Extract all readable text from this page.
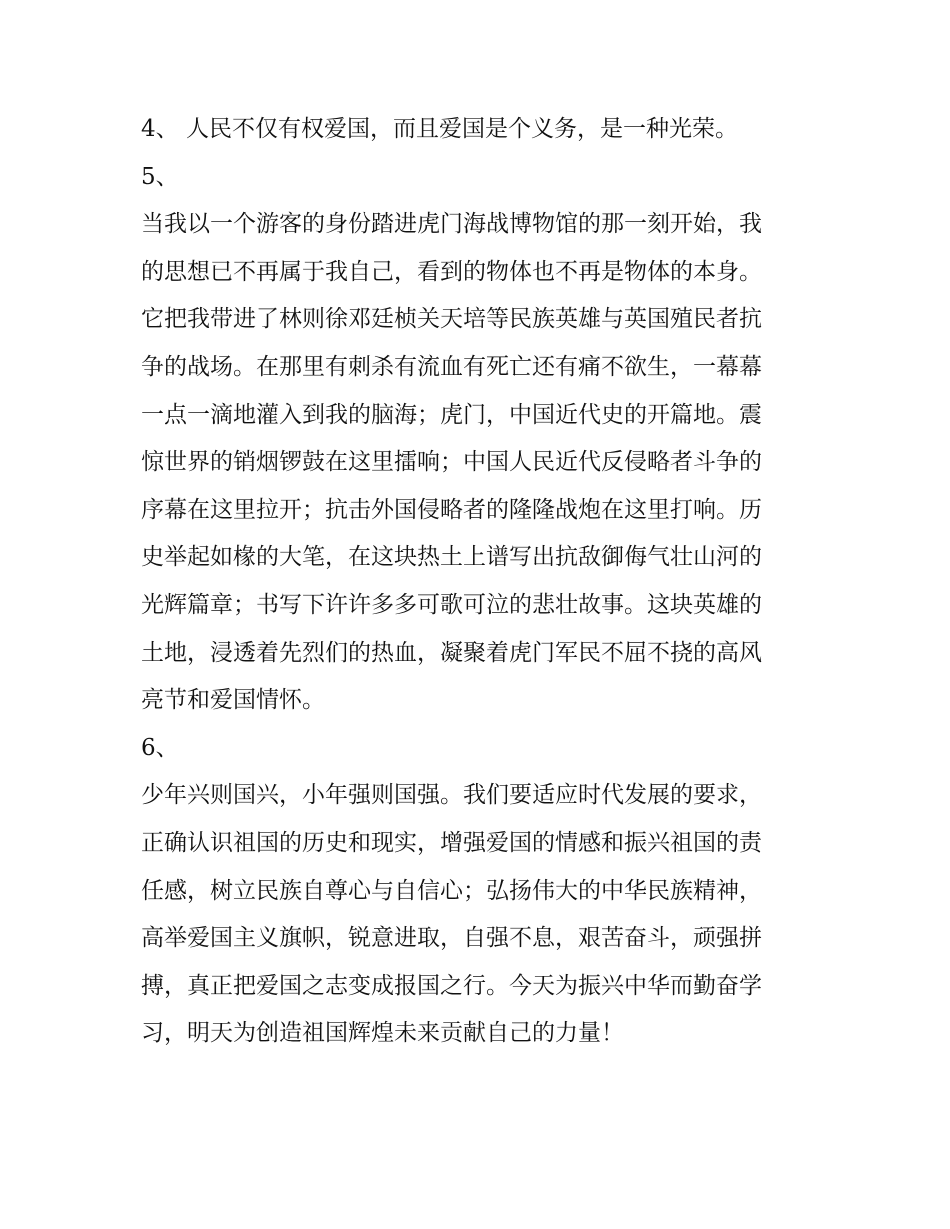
4、 人民不仅有权爱国，而且爱国是个义务，是一种光荣。
5、
当我以一个游客的身份踏进虎门海战博物馆的那一刻开始，我
的思想已不再属于我自己，看到的物体也不再是物体的本身。
它把我带进了林则徐邓廷桢关天培等民族英雄与英国殖民者抗
争的战场。在那里有刺杀有流血有死亡还有痛不欲生，一幕幕
一点一滴地灌入到我的脑海；虎门，中国近代史的开篇地。震
惊世界的销烟锣鼓在这里擂响；中国人民近代反侵略者斗争的
序幕在这里拉开；抗击外国侵略者的隆隆战炮在这里打响。历
史举起如椽的大笔，在这块热土上谱写出抗敌御侮气壮山河的
光辉篇章；书写下许许多多可歌可泣的悲壮故事。这块英雄的
土地，浸透着先烈们的热血，凝聚着虎门军民不屈不挠的高风
亮节和爱国情怀。
6、
少年兴则国兴，小年强则国强。我们要适应时代发展的要求，
正确认识祖国的历史和现实，增强爱国的情感和振兴祖国的责
任感，树立民族自尊心与自信心；弘扬伟大的中华民族精神，
高举爱国主义旗帜，锐意进取，自强不息，艰苦奋斗，顽强拼
搏，真正把爱国之志变成报国之行。今天为振兴中华而勤奋学
习，明天为创造祖国辉煌未来贡献自己的力量！
